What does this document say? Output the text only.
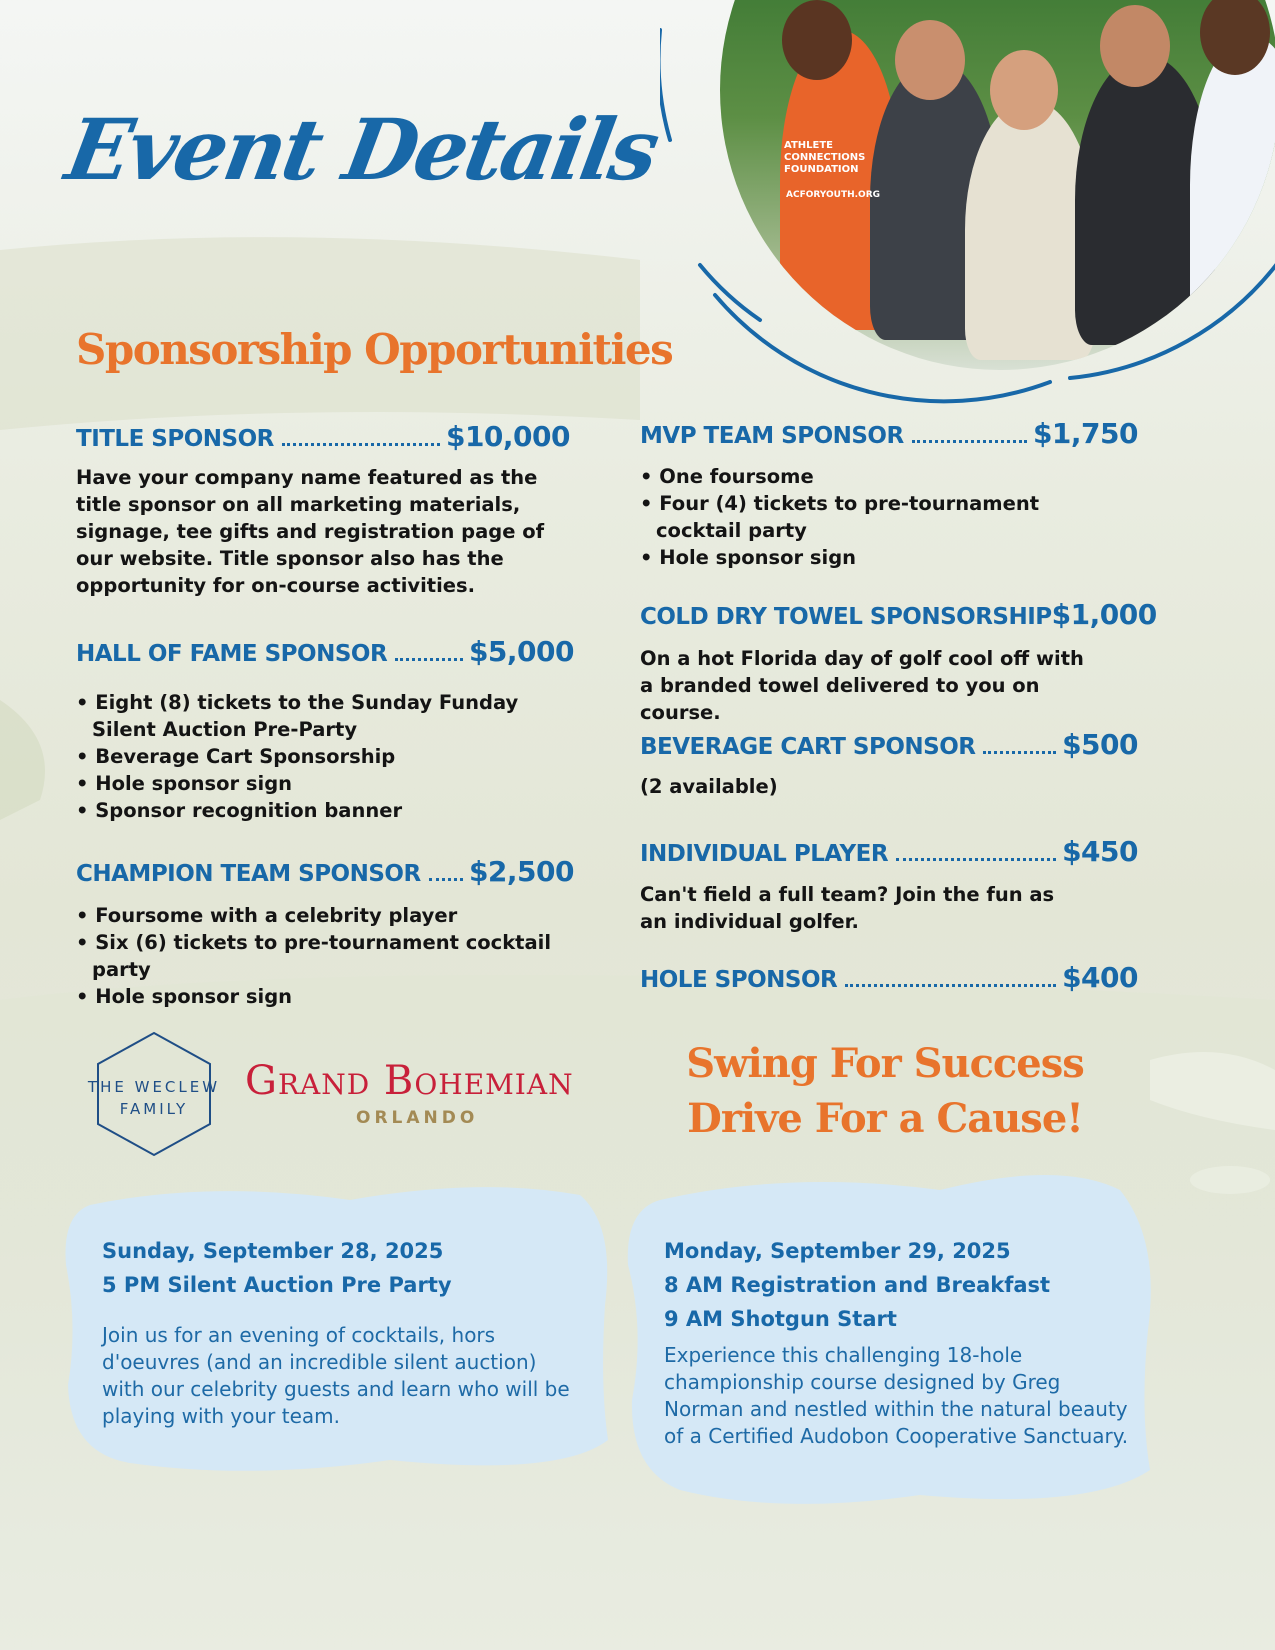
Event Details
Sponsorship Opportunities
ATHLETE CONNECTIONS FOUNDATION
ACFORYOUTH.ORG
TITLE SPONSOR	$10,000
Have your company name featured as the title sponsor on all marketing materials, signage, tee gifts and registration page of our website. Title sponsor also has the opportunity for on-course activities.
HALL OF FAME SPONSOR	$5,000
• Eight (8) tickets to the Sunday Funday Silent Auction Pre-Party
• Beverage Cart Sponsorship
• Hole sponsor sign
• Sponsor recognition banner
CHAMPION TEAM SPONSOR $2,500
• Foursome with a celebrity player
• Six (6) tickets to pre-tournament cocktail party
• Hole sponsor sign
MVP TEAM SPONSOR	$1,750
• One foursome
• Four (4) tickets to pre-tournament cocktail party
• Hole sponsor sign
COLD DRY TOWEL SPONSORSHIP $1,000
On a hot Florida day of golf cool off with a branded towel delivered to you on course.
BEVERAGE CART SPONSOR	$500
(2 available)
INDIVIDUAL PLAYER	$450
Can't field a full team? Join the fun as an individual golfer.
HOLE SPONSOR	$400
THE WECLEW
FAMILY
Grand Bohemian
ORLANDO
Swing For Success
Drive For a Cause!
Sunday, September 28, 2025
5 PM Silent Auction Pre Party
Join us for an evening of cocktails, hors d'oeuvres (and an incredible silent auction) with our celebrity guests and learn who will be playing with your team.
Monday, September 29, 2025
8 AM Registration and Breakfast
9 AM Shotgun Start
Experience this challenging 18-hole championship course designed by Greg Norman and nestled within the natural beauty of a Certified Audobon Cooperative Sanctuary.
